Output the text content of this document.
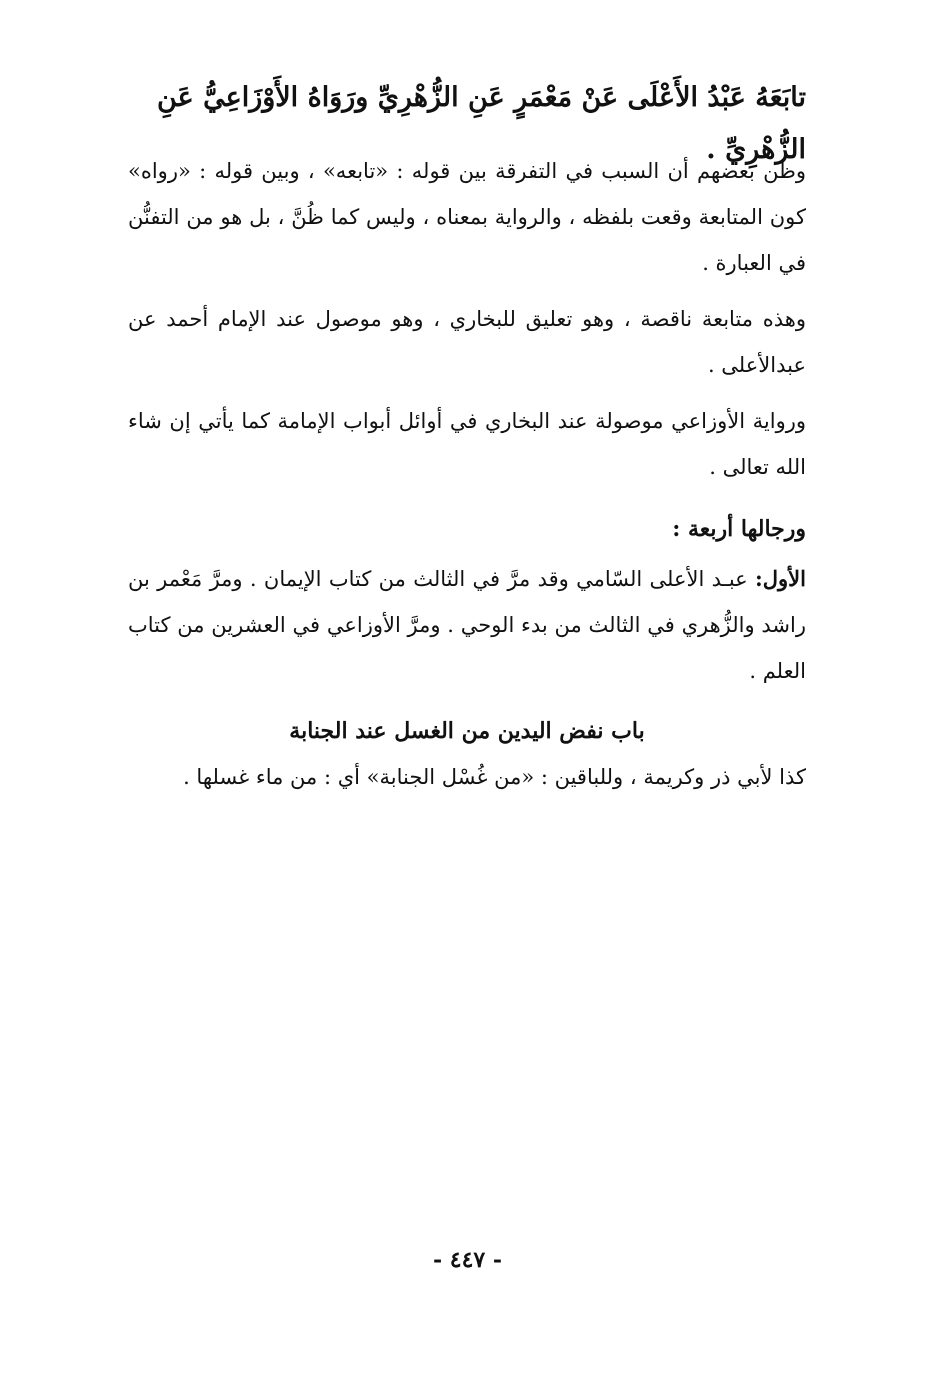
تابَعَهُ عَبْدُ الأَعْلَى عَنْ مَعْمَرٍ عَنِ الزُّهْرِيِّ ورَوَاهُ الأَوْزَاعِيُّ عَنِ الزُّهْرِيِّ .

وظن بعضهم أن السبب في التفرقة بين قوله : «تابعه» ، وبين قوله : «رواه» كون المتابعة وقعت بلفظه ، والرواية بمعناه ، وليس كما ظُنَّ ، بل هو من التفنُّن في العبارة .

وهذه متابعة ناقصة ، وهو تعليق للبخاري ، وهو موصول عند الإمام أحمد عن عبدالأعلى .

ورواية الأوزاعي موصولة عند البخاري في أوائل أبواب الإمامة كما يأتي إن شاء الله تعالى .

ورجالها أربعة :

الأول: عبـد الأعلى السّامي وقد مرَّ في الثالث من كتاب الإيمان . ومرَّ مَعْمر بن راشد والزُّهري في الثالث من بدء الوحي . ومرَّ الأوزاعي في العشرين من كتاب العلم .

باب نفض اليدين من الغسل عند الجنابة

كذا لأبي ذر وكريمة ، وللباقين : «من غُسْل الجنابة» أي : من ماء غسلها .

- ٤٤٧ -
